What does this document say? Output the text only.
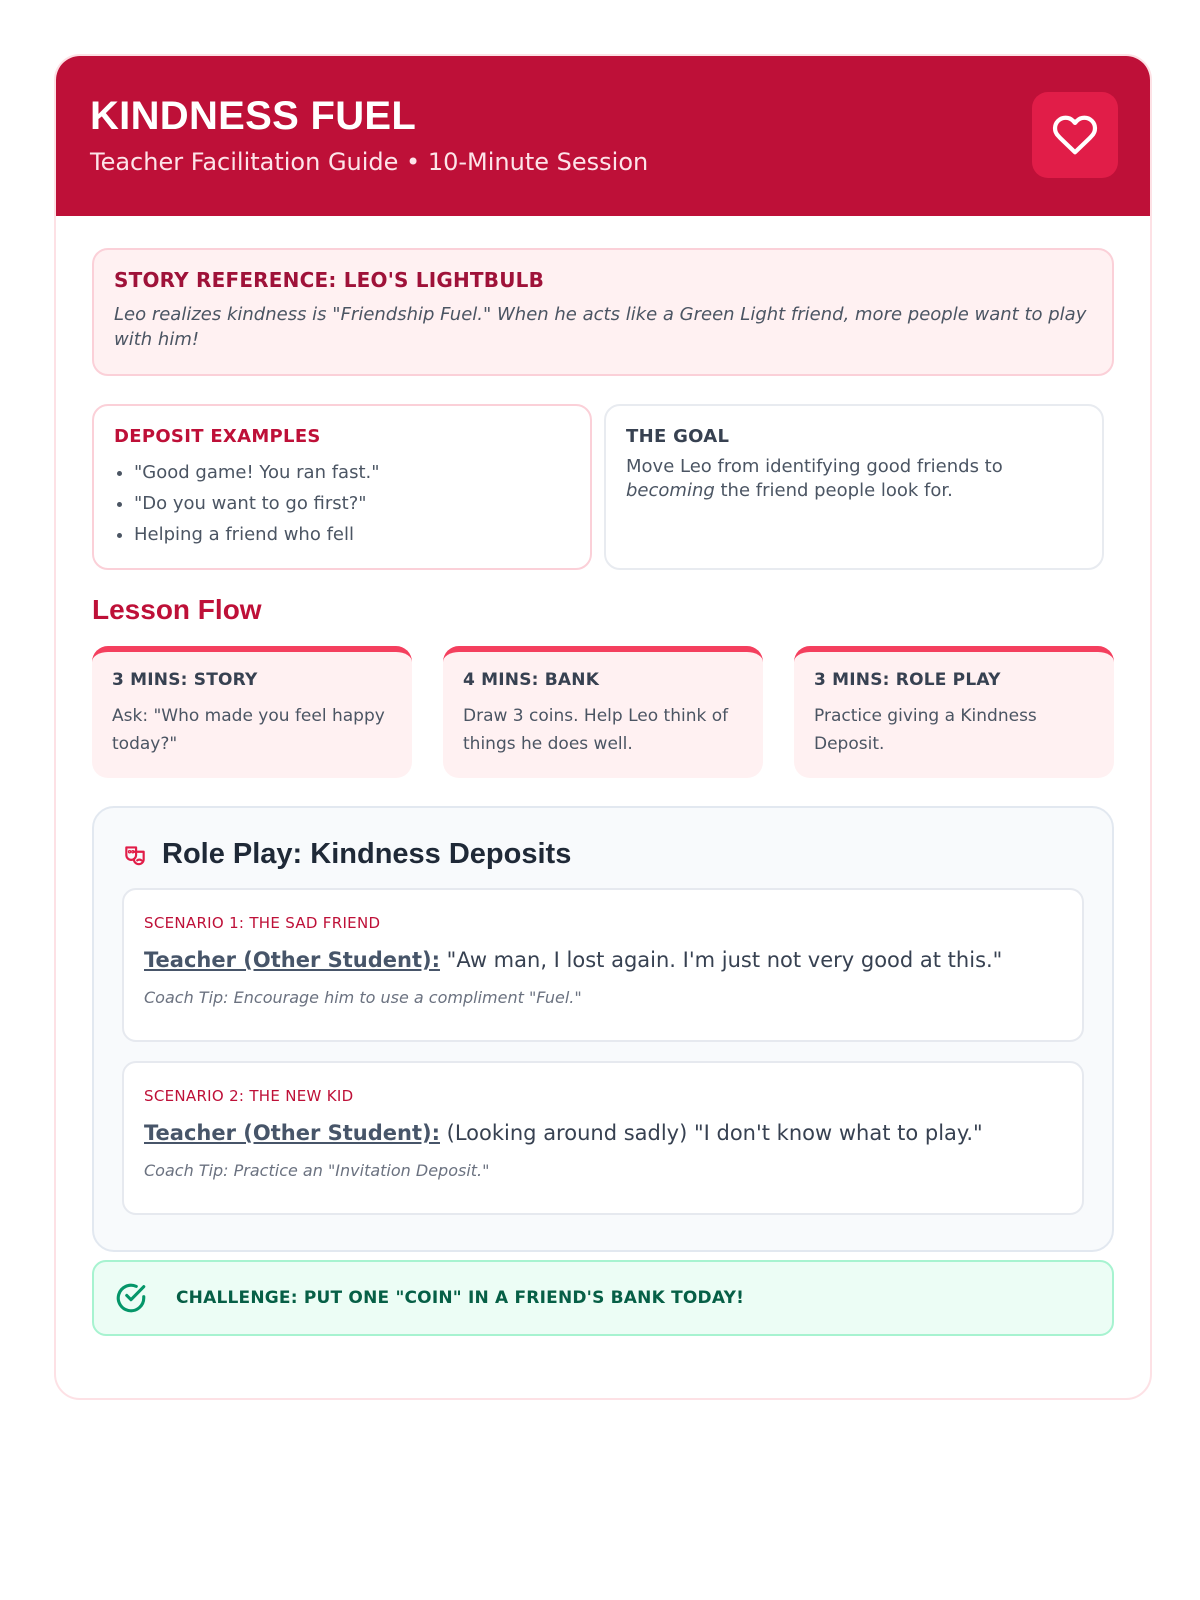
KINDNESS FUEL
Teacher Facilitation Guide • 10-Minute Session
STORY REFERENCE: LEO'S LIGHTBULB
Leo realizes kindness is "Friendship Fuel." When he acts like a Green Light friend, more people want to play with him!
DEPOSIT EXAMPLES
• "Good game! You ran fast."
• "Do you want to go first?"
• Helping a friend who fell
THE GOAL
Move Leo from identifying good friends to becoming the friend people look for.
Lesson Flow
3 MINS: STORY
Ask: "Who made you feel happy today?"
4 MINS: BANK
Draw 3 coins. Help Leo think of things he does well.
3 MINS: ROLE PLAY
Practice giving a Kindness Deposit.
Role Play: Kindness Deposits
SCENARIO 1: THE SAD FRIEND
Teacher (Other Student): "Aw man, I lost again. I'm just not very good at this."
Coach Tip: Encourage him to use a compliment "Fuel."
SCENARIO 2: THE NEW KID
Teacher (Other Student): (Looking around sadly) "I don't know what to play."
Coach Tip: Practice an "Invitation Deposit."
CHALLENGE: PUT ONE "COIN" IN A FRIEND'S BANK TODAY!
